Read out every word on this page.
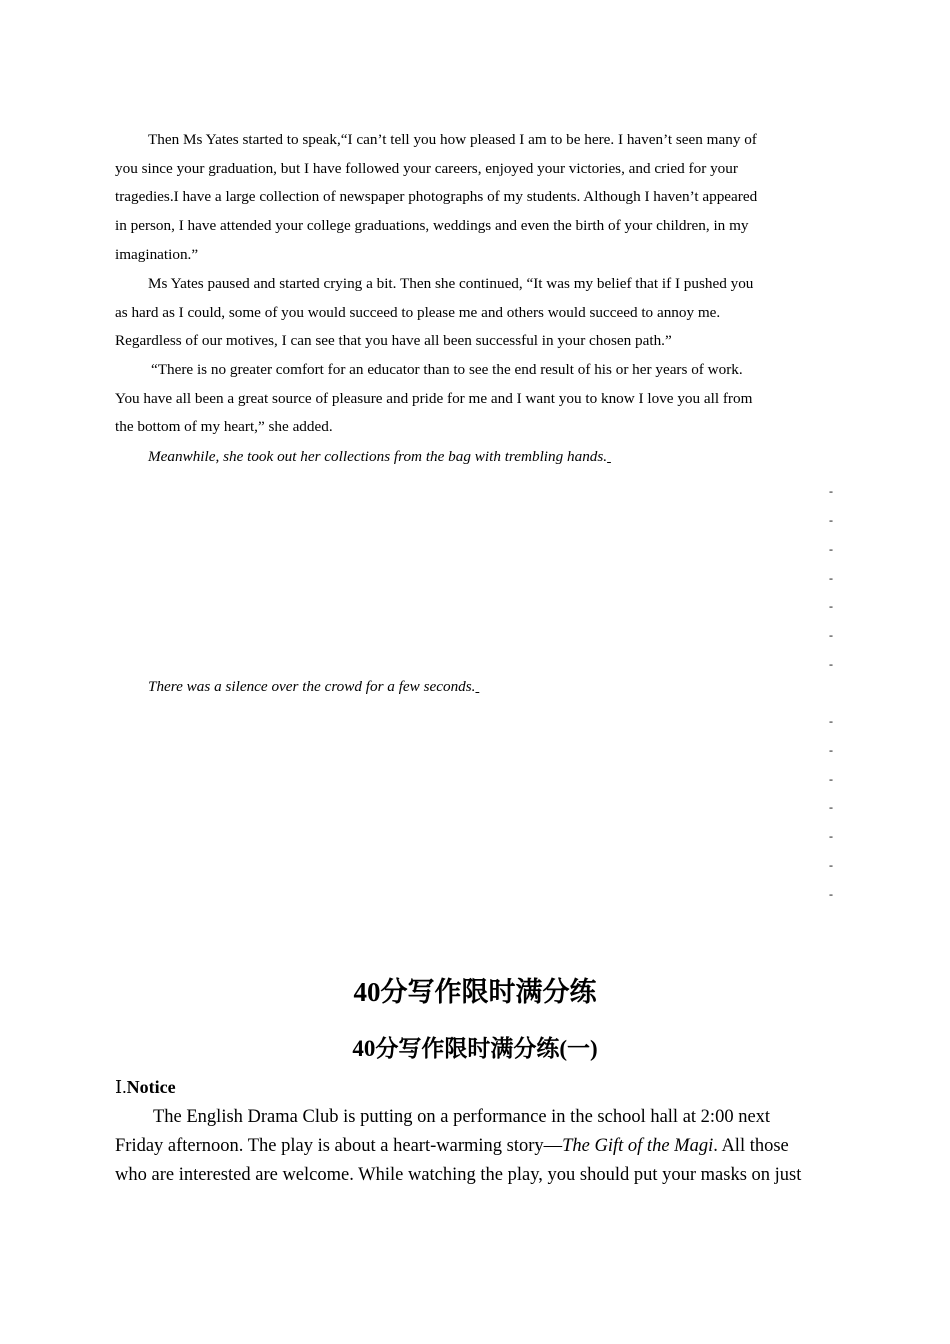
Then Ms Yates started to speak,“I can’t tell you how pleased I am to be here. I haven’t seen many of
you since your graduation, but I have followed your careers, enjoyed your victories, and cried for your
tragedies.I have a large collection of newspaper photographs of my students. Although I haven’t appeared
in person, I have attended your college graduations, weddings and even the birth of your children, in my
imagination.”
Ms Yates paused and started crying a bit. Then she continued, “It was my belief that if I pushed you
as hard as I could, some of you would succeed to please me and others would succeed to annoy me.
Regardless of our motives, I can see that you have all been successful in your chosen path.”
“There is no greater comfort for an educator than to see the end result of his or her years of work.
You have all been a great source of pleasure and pride for me and I want you to know I love you all from
the bottom of my heart,” she added.

Meanwhile, she took out her collections from the bag with trembling hands.

-
-
-
-
-
-
-

There was a silence over the crowd for a few seconds.

-
-
-
-
-
-
-
40分写作限时满分练
40分写作限时满分练(一)

Ⅰ.Notice

The English Drama Club is putting on a performance in the school hall at 2:00 next
Friday afternoon. The play is about a heart-warming story—The Gift of the Magi. All those
who are interested are welcome. While watching the play, you should put your masks on just
